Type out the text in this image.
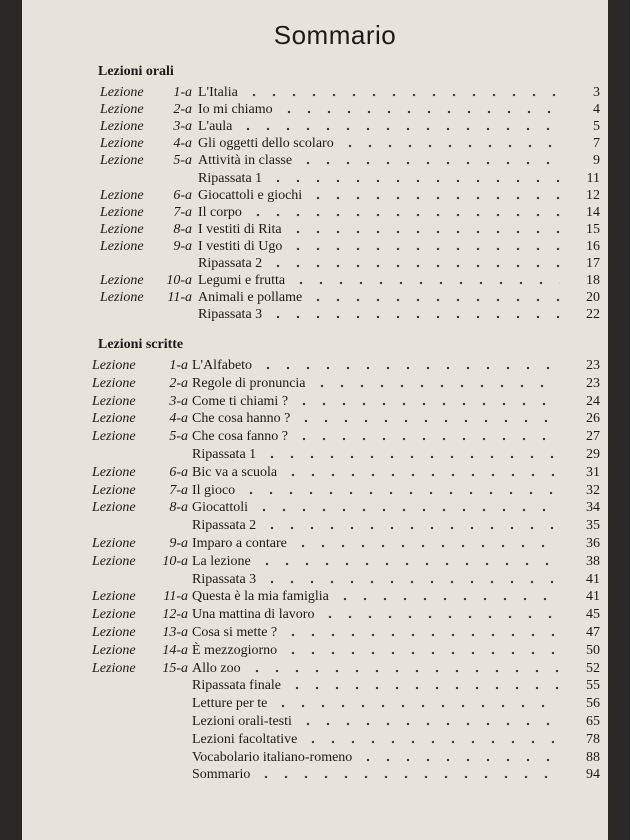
Sommario
Lezioni orali
Lezione	1-a L'Italia	3
Lezione	2-a Io mi chiamo	4
Lezione	3-a L'aula	5
Lezione	4-a Gli oggetti dello scolaro	7
Lezione	5-a Attività in classe	9
Ripassata 1	11
Lezione	6-a Giocattoli e giochi	12
Lezione	7-a Il corpo	14
Lezione	8-a I vestiti di Rita	15
Lezione	9-a I vestiti di Ugo	16
Ripassata 2	17
Lezione	10-a Legumi e frutta	18
Lezione	11-a Animali e pollame	20
Ripassata 3	22
Lezioni scritte
Lezione	1-a L'Alfabeto	23
Lezione	2-a Regole di pronuncia	23
Lezione	3-a Come ti chiami ?	24
Lezione	4-a Che cosa hanno ?	26
Lezione	5-a Che cosa fanno ?	27
Ripassata 1	29
Lezione	6-a Bic va a scuola	31
Lezione	7-a Il gioco	32
Lezione	8-a Giocattoli	34
Ripassata 2	35
Lezione	9-a Imparo a contare	36
Lezione	10-a La lezione	38
Ripassata 3	41
Lezione	11-a Questa è la mia famiglia	41
Lezione	12-a Una mattina di lavoro	45
Lezione	13-a Cosa si mette ?	47
Lezione	14-a È mezzogiorno	50
Lezione	15-a Allo zoo	52
Ripassata finale	55
Letture per te	56
Lezioni orali-testi	65
Lezioni facoltative	78
Vocabolario italiano-romeno	88
Sommario	94
